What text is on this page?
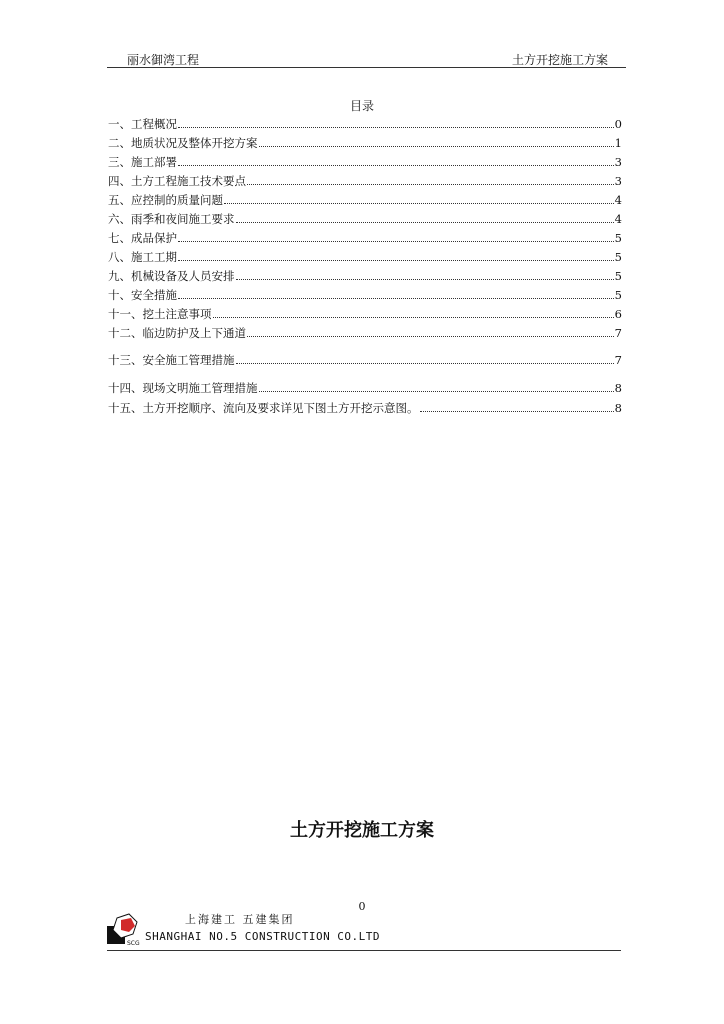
丽水御湾工程	土方开挖施工方案
目录
一、工程概况	0
二、地质状况及整体开挖方案	1
三、施工部署	3
四、土方工程施工技术要点	3
五、应控制的质量问题	4
六、雨季和夜间施工要求	4
七、成品保护	5
八、施工工期	5
九、机械设备及人员安排	5
十、安全措施	5
十一、挖土注意事项	6
十二、临边防护及上下通道	7
十三、安全施工管理措施	7
十四、现场文明施工管理措施	8
十五、土方开挖顺序、流向及要求详见下图土方开挖示意图。	8
土方开挖施工方案
0
SCG
上海建工 五建集团
SHANGHAI NO.5 CONSTRUCTION CO.LTD
